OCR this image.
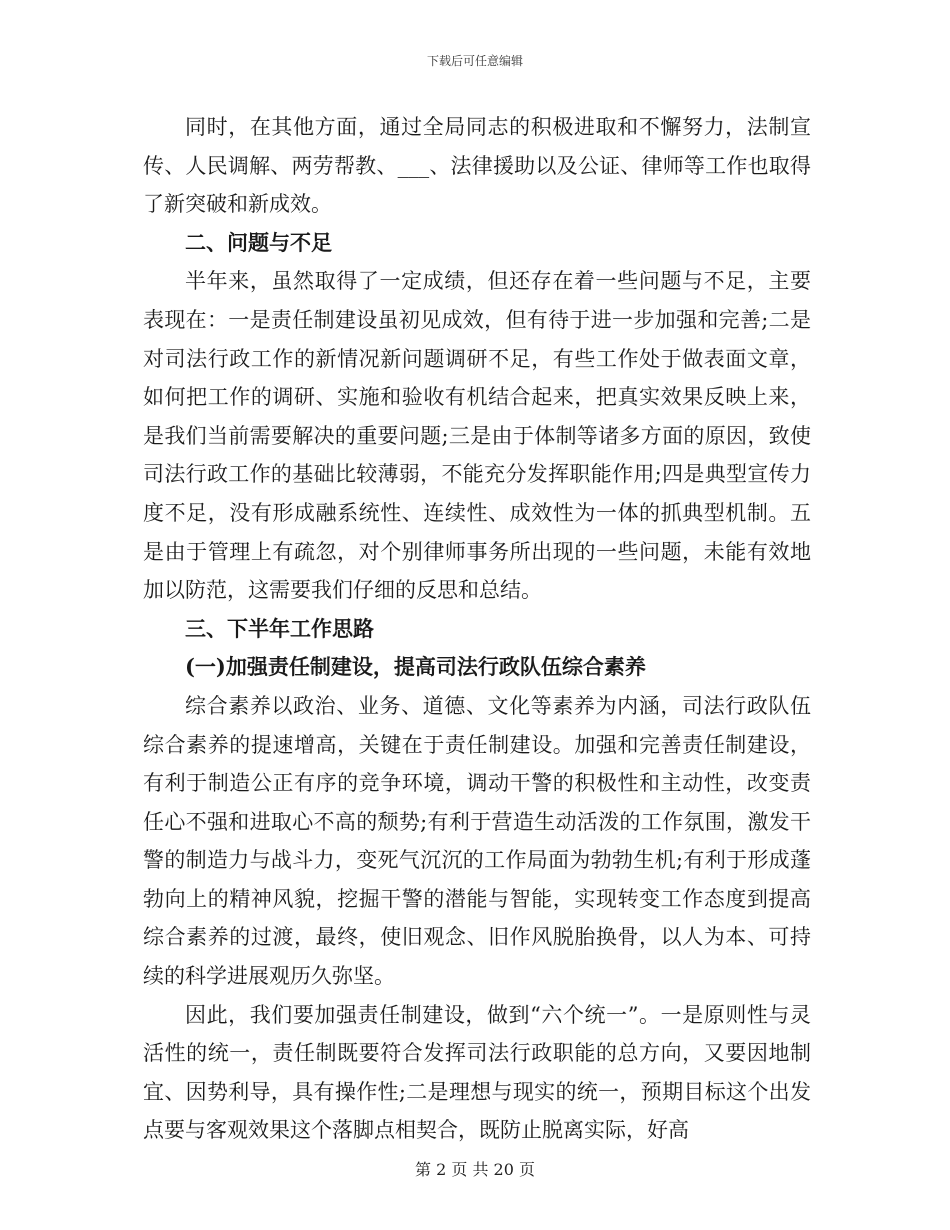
下载后可任意编辑

同时，在其他方面，通过全局同志的积极进取和不懈努力，法制宣传、人民调解、两劳帮教、___、法律援助以及公证、律师等工作也取得了新突破和新成效。

二、问题与不足

半年来，虽然取得了一定成绩，但还存在着一些问题与不足，主要表现在：一是责任制建设虽初见成效，但有待于进一步加强和完善;二是对司法行政工作的新情况新问题调研不足，有些工作处于做表面文章，如何把工作的调研、实施和验收有机结合起来，把真实效果反映上来，是我们当前需要解决的重要问题;三是由于体制等诸多方面的原因，致使司法行政工作的基础比较薄弱，不能充分发挥职能作用;四是典型宣传力度不足，没有形成融系统性、连续性、成效性为一体的抓典型机制。五是由于管理上有疏忽，对个别律师事务所出现的一些问题，未能有效地加以防范，这需要我们仔细的反思和总结。

三、下半年工作思路
(一)加强责任制建设，提高司法行政队伍综合素养

综合素养以政治、业务、道德、文化等素养为内涵，司法行政队伍综合素养的提速增高，关键在于责任制建设。加强和完善责任制建设，有利于制造公正有序的竞争环境，调动干警的积极性和主动性，改变责任心不强和进取心不高的颓势;有利于营造生动活泼的工作氛围，激发干警的制造力与战斗力，变死气沉沉的工作局面为勃勃生机;有利于形成蓬勃向上的精神风貌，挖掘干警的潜能与智能，实现转变工作态度到提高综合素养的过渡，最终，使旧观念、旧作风脱胎换骨，以人为本、可持续的科学进展观历久弥坚。

因此，我们要加强责任制建设，做到“六个统一”。一是原则性与灵活性的统一，责任制既要符合发挥司法行政职能的总方向，又要因地制宜、因势利导，具有操作性;二是理想与现实的统一，预期目标这个出发点要与客观效果这个落脚点相契合，既防止脱离实际，好高

第 2 页 共 20 页
